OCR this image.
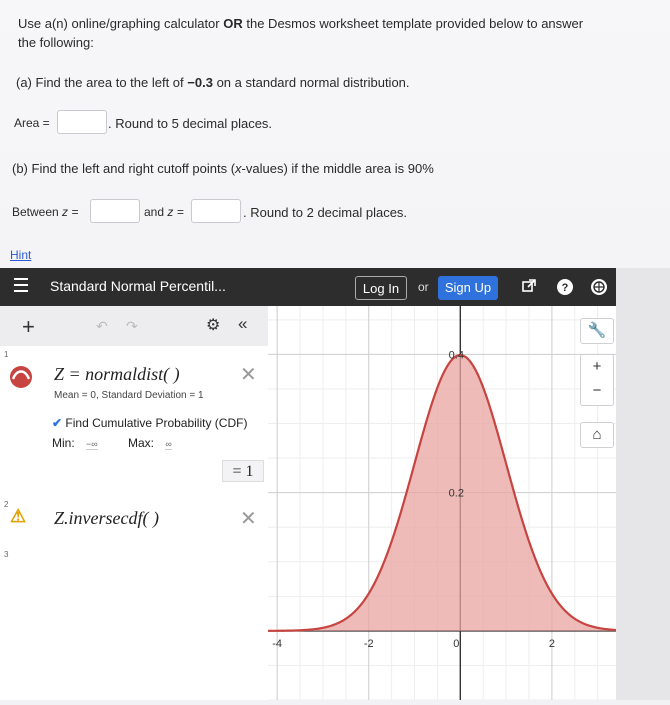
Use a(n) online/graphing calculator OR the Desmos worksheet template provided below to answer
the following:
(a) Find the area to the left of −0.3 on a standard normal distribution.
Area =	. Round to 5 decimal places.
(b) Find the left and right cutoff points (x-values) if the middle area is 90%
Between z =	and z =	. Round to 2 decimal places.
Hint
Standard Normal Percentil...	Log In	or	Sign Up	?
+	↶ ↷	⚙ «
1
Z = normaldist( )	✕
Mean = 0, Standard Deviation = 1
✔ Find Cumulative Probability (CDF)
Min: −∞	Max: ∞
= 1
2
⚠ Z.inversecdf( )	✕
3
-4	-2	0	2
0.2
0.4
🔧
+
−
⌂
